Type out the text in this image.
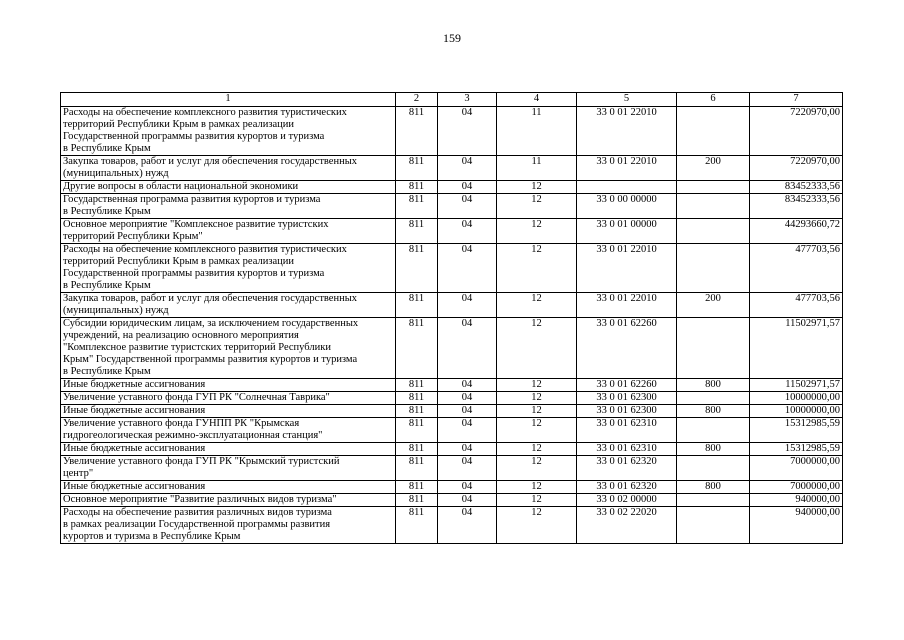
159
1	2	3	4	5	6	7

Расходы на обеспечение комплексного развития туристических
территорий Республики Крым в рамках реализации
Государственной программы развития курортов и туризма
в Республике Крым	811	04	11	33 0 01 22010		7220970,00

Закупка товаров, работ и услуг для обеспечения государственных
(муниципальных) нужд	811	04	11	33 0 01 22010	200	7220970,00

Другие вопросы в области национальной экономики	811	04	12			83452333,56

Государственная программа развития курортов и туризма
в Республике Крым	811	04	12	33 0 00 00000		83452333,56

Основное мероприятие "Комплексное развитие туристских
территорий Республики Крым"	811	04	12	33 0 01 00000		44293660,72

Расходы на обеспечение комплексного развития туристических
территорий Республики Крым в рамках реализации
Государственной программы развития курортов и туризма
в Республике Крым	811	04	12	33 0 01 22010		477703,56

Закупка товаров, работ и услуг для обеспечения государственных
(муниципальных) нужд	811	04	12	33 0 01 22010	200	477703,56

Субсидии юридическим лицам, за исключением государственных
учреждений, на реализацию основного мероприятия
"Комплексное развитие туристских территорий Республики
Крым" Государственной программы развития курортов и туризма
в Республике Крым	811	04	12	33 0 01 62260		11502971,57

Иные бюджетные ассигнования	811	04	12	33 0 01 62260	800	11502971,57

Увеличение уставного фонда ГУП РК "Солнечная Таврика"	811	04	12	33 0 01 62300		10000000,00

Иные бюджетные ассигнования	811	04	12	33 0 01 62300	800	10000000,00

Увеличение уставного фонда ГУНПП РК "Крымская
гидрогеологическая режимно-эксплуатационная станция"	811	04	12	33 0 01 62310		15312985,59

Иные бюджетные ассигнования	811	04	12	33 0 01 62310	800	15312985,59

Увеличение уставного фонда ГУП РК "Крымский туристский
центр"	811	04	12	33 0 01 62320		7000000,00

Иные бюджетные ассигнования	811	04	12	33 0 01 62320	800	7000000,00

Основное мероприятие "Развитие различных видов туризма"	811	04	12	33 0 02 00000		940000,00

Расходы на обеспечение развития различных видов туризма
в рамках реализации Государственной программы развития
курортов и туризма в Республике Крым	811	04	12	33 0 02 22020		940000,00
